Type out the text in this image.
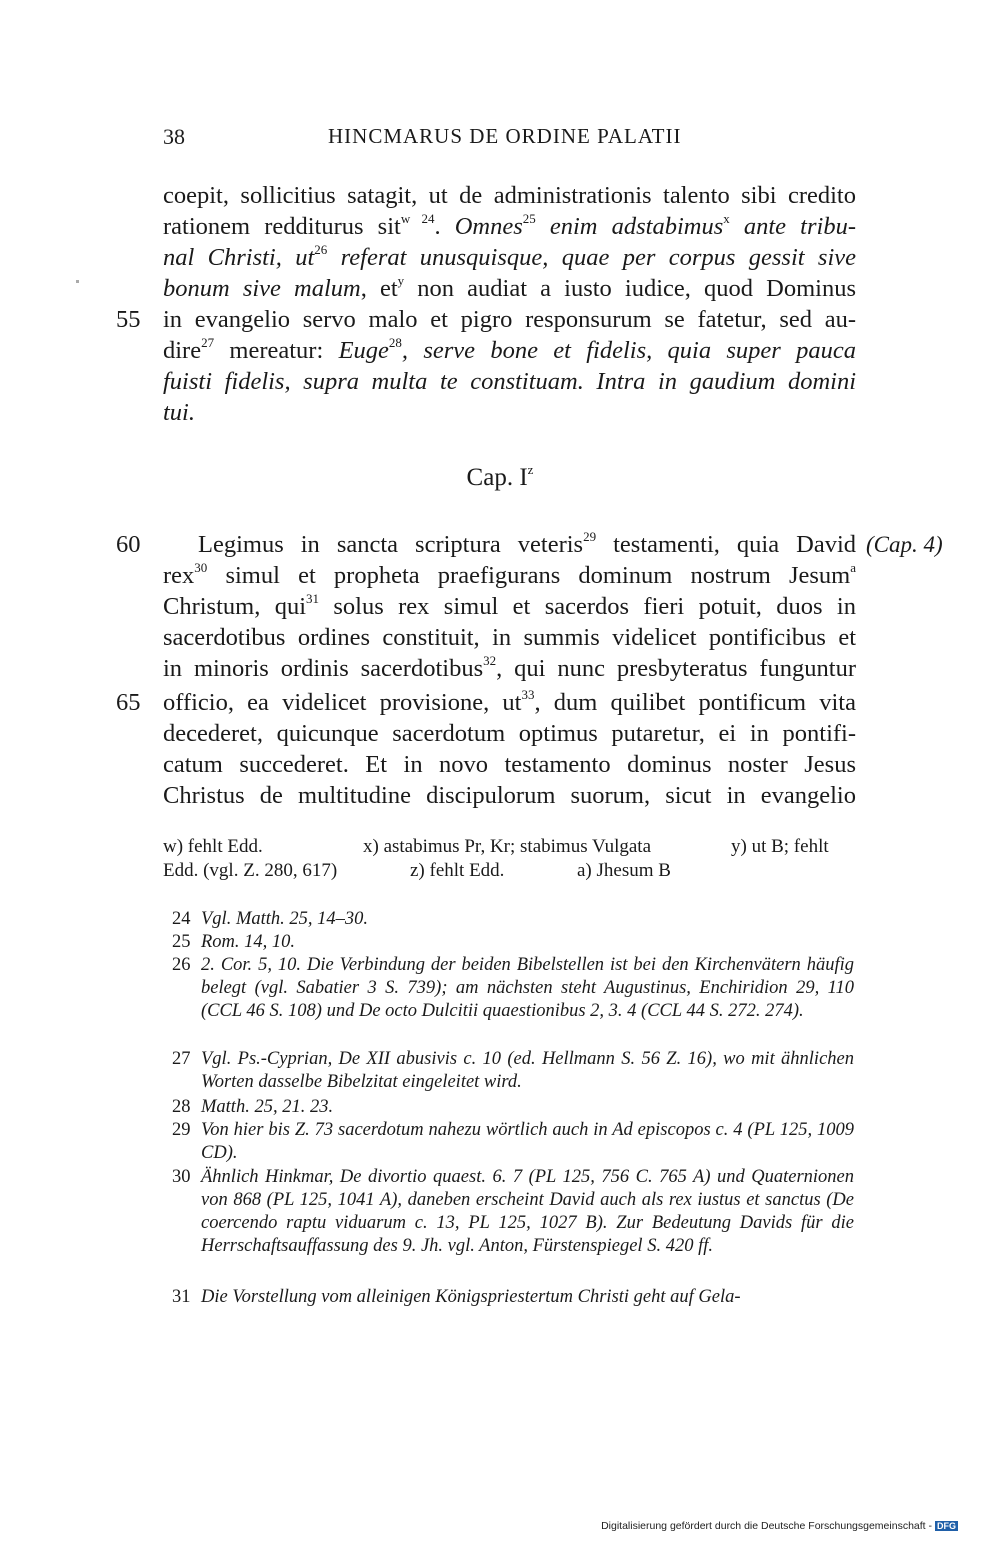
38	HINCMARUS DE ORDINE PALATII
coepit, sollicitius satagit, ut de administrationis talento sibi credito
rationem redditurus sit$^{w 24}$. Omnes$^{25}$ enim adstabimus$^x$ ante tribu-
nal Christi, $ut^{26}$ referat unusquisque, quae per corpus gessit sive
bonum sive malum, $et^y$ non audiat a iusto iudice, quod Dominus
55 in evangelio servo malo et pigro responsurum se fatetur, sed au-
dire$^{27}$ mereatur: Euge$^{28}$, serve bone et fidelis, quia super pauca
fuisti fidelis, supra multa te constituam. Intra in gaudium domini
tui.
Cap. $I^z$
60	Legimus in sancta scriptura veteris$^{29}$ testamenti, quia David (Cap. 4)
rex$^{30}$ simul et propheta praefigurans dominum nostrum Jesum$^a$
Christum, qui$^{31}$ solus rex simul et sacerdos fieri potuit, duos in
sacerdotibus ordines constituit, in summis videlicet pontificibus et
in minoris ordinis sacerdotibus$^{32}$, qui nunc presbyteratus funguntur
65 officio, ea videlicet provisione, $ut^{33}$, dum quilibet pontificum vita
decederet, quicunque sacerdotum optimus putaretur, ei in pontifi-
catum succederet. Et in novo testamento dominus noster Jesus
Christus de multitudine discipulorum suorum, sicut in evangelio
w) fehlt Edd.	x) astabimus Pr, Kr; stabimus Vulgata	y) ut B; fehlt
Edd. (vgl. Z. 280, 617)	z) fehlt Edd.	a) Jhesum B
24 Vgl. Matth. 25, 14–30.
25 Rom. 14, 10.
26 2. Cor. 5, 10. Die Verbindung der beiden Bibelstellen ist bei den Kirchenvätern häufig belegt (vgl. Sabatier 3 S. 739); am nächsten steht Augustinus, Enchiridion 29, 110 (CCL 46 S. 108) und De octo Dulcitii quaestionibus 2, 3. 4 (CCL 44 S. 272. 274).
27 Vgl. Ps.-Cyprian, De XII abusivis c. 10 (ed. Hellmann S. 56 Z. 16), wo mit ähnlichen Worten dasselbe Bibelzitat eingeleitet wird.
28 Matth. 25, 21. 23.
29 Von hier bis Z. 73 sacerdotum nahezu wörtlich auch in Ad episcopos c. 4 (PL 125, 1009 CD).
30 Ähnlich Hinkmar, De divortio quaest. 6. 7 (PL 125, 756 C. 765 A) und Quaternionen von 868 (PL 125, 1041 A), daneben erscheint David auch als rex iustus et sanctus (De coercendo raptu viduarum c. 13, PL 125, 1027 B). Zur Bedeutung Davids für die Herrschaftsauffassung des 9. Jh. vgl. Anton, Fürstenspiegel S. 420 ff.
31 Die Vorstellung vom alleinigen Königspriestertum Christi geht auf Gela-
Digitalisierung gefördert durch die Deutsche Forschungsgemeinschaft - DFG
